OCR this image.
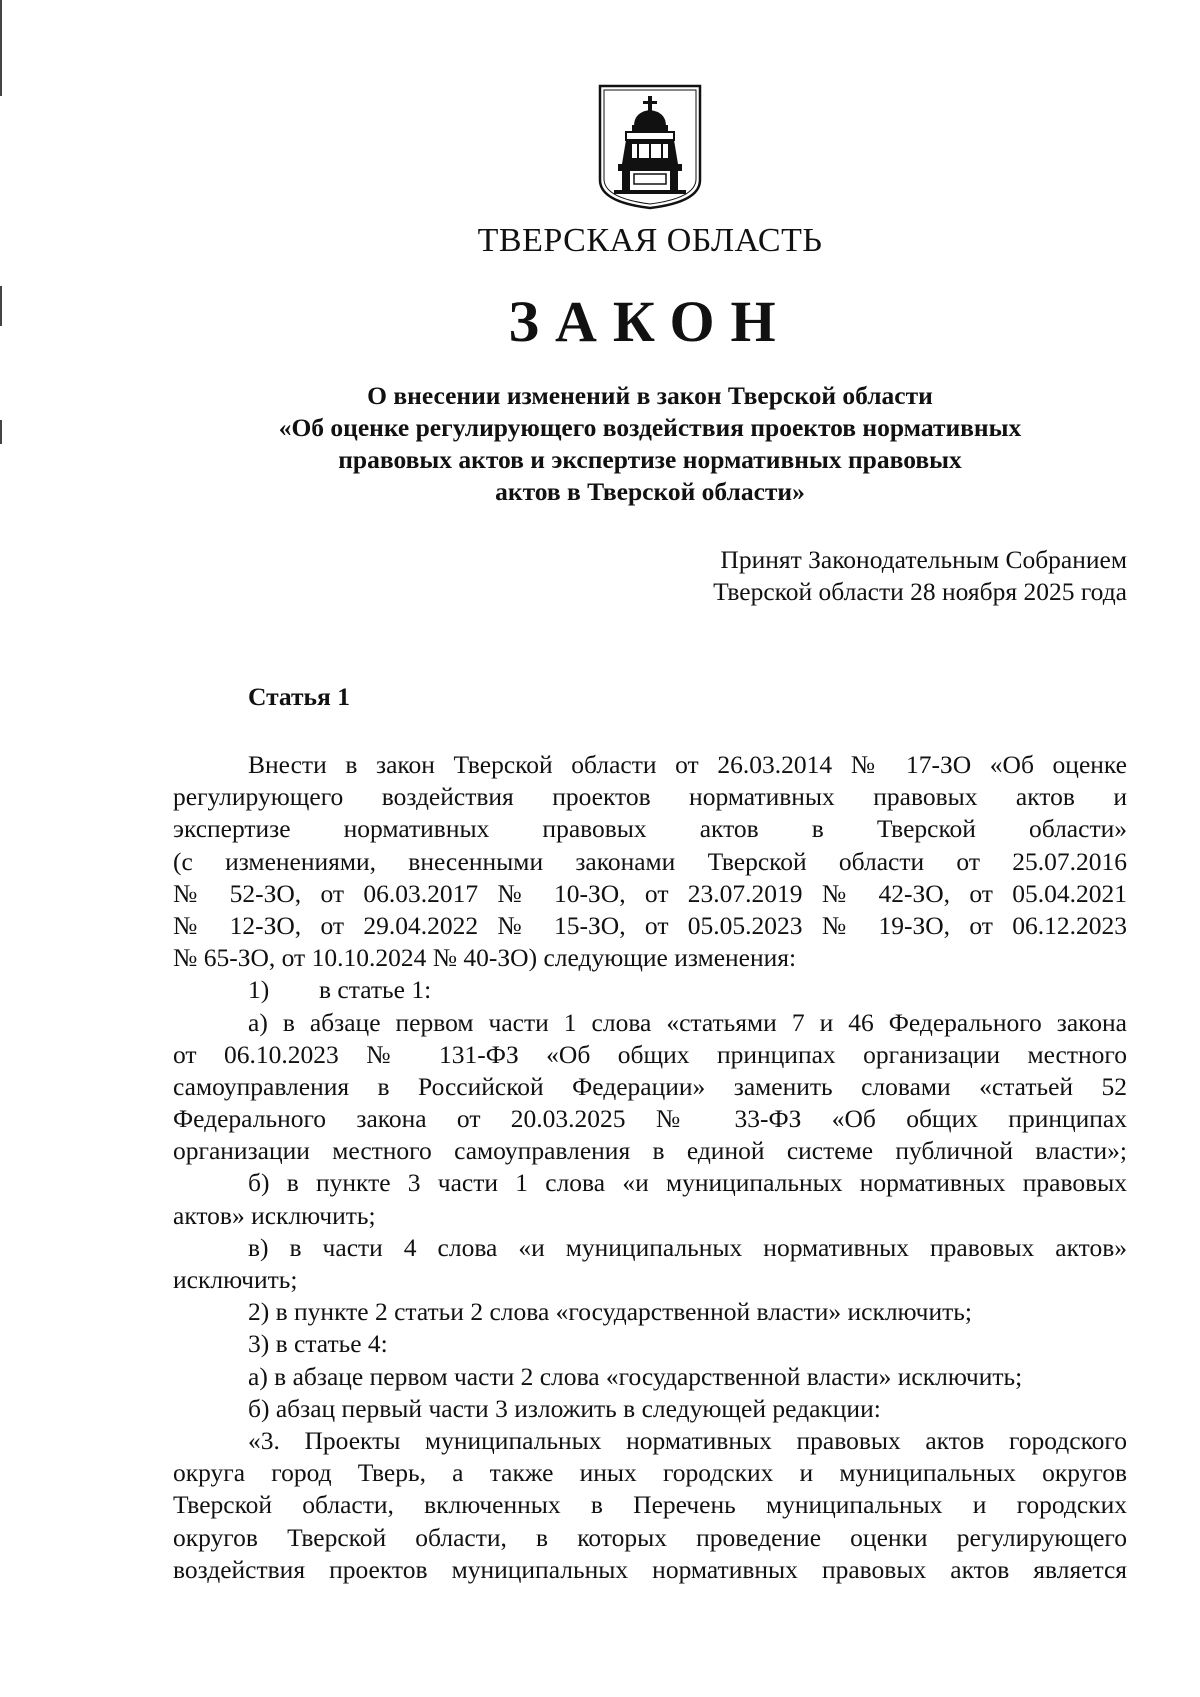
ТВЕРСКАЯ ОБЛАСТЬ
ЗАКОН
О внесении изменений в закон Тверской области
«Об оценке регулирующего воздействия проектов нормативных
правовых актов и экспертизе нормативных правовых
актов в Тверской области»
Принят Законодательным Собранием
Тверской области 28 ноября 2025 года
Статья 1
Внести в закон Тверской области от 26.03.2014 № 17-ЗО «Об оценке
регулирующего воздействия проектов нормативных правовых актов и
экспертизе нормативных правовых актов в Тверской области»
(с изменениями, внесенными законами Тверской области от 25.07.2016
№ 52-ЗО, от 06.03.2017 № 10-ЗО, от 23.07.2019 № 42-ЗО, от 05.04.2021
№ 12-ЗО, от 29.04.2022 № 15-ЗО, от 05.05.2023 № 19-ЗО, от 06.12.2023
№ 65-ЗО, от 10.10.2024 № 40-ЗО) следующие изменения:
1) в статье 1:
а) в абзаце первом части 1 слова «статьями 7 и 46 Федерального закона
от 06.10.2023 № 131-ФЗ «Об общих принципах организации местного
самоуправления в Российской Федерации» заменить словами «статьей 52
Федерального закона от 20.03.2025 № 33-ФЗ «Об общих принципах
организации местного самоуправления в единой системе публичной власти»;
б) в пункте 3 части 1 слова «и муниципальных нормативных правовых
актов» исключить;
в) в части 4 слова «и муниципальных нормативных правовых актов»
исключить;
2) в пункте 2 статьи 2 слова «государственной власти» исключить;
3) в статье 4:
а) в абзаце первом части 2 слова «государственной власти» исключить;
б) абзац первый части 3 изложить в следующей редакции:
«3. Проекты муниципальных нормативных правовых актов городского
округа город Тверь, а также иных городских и муниципальных округов
Тверской области, включенных в Перечень муниципальных и городских
округов Тверской области, в которых проведение оценки регулирующего
воздействия проектов муниципальных нормативных правовых актов является
